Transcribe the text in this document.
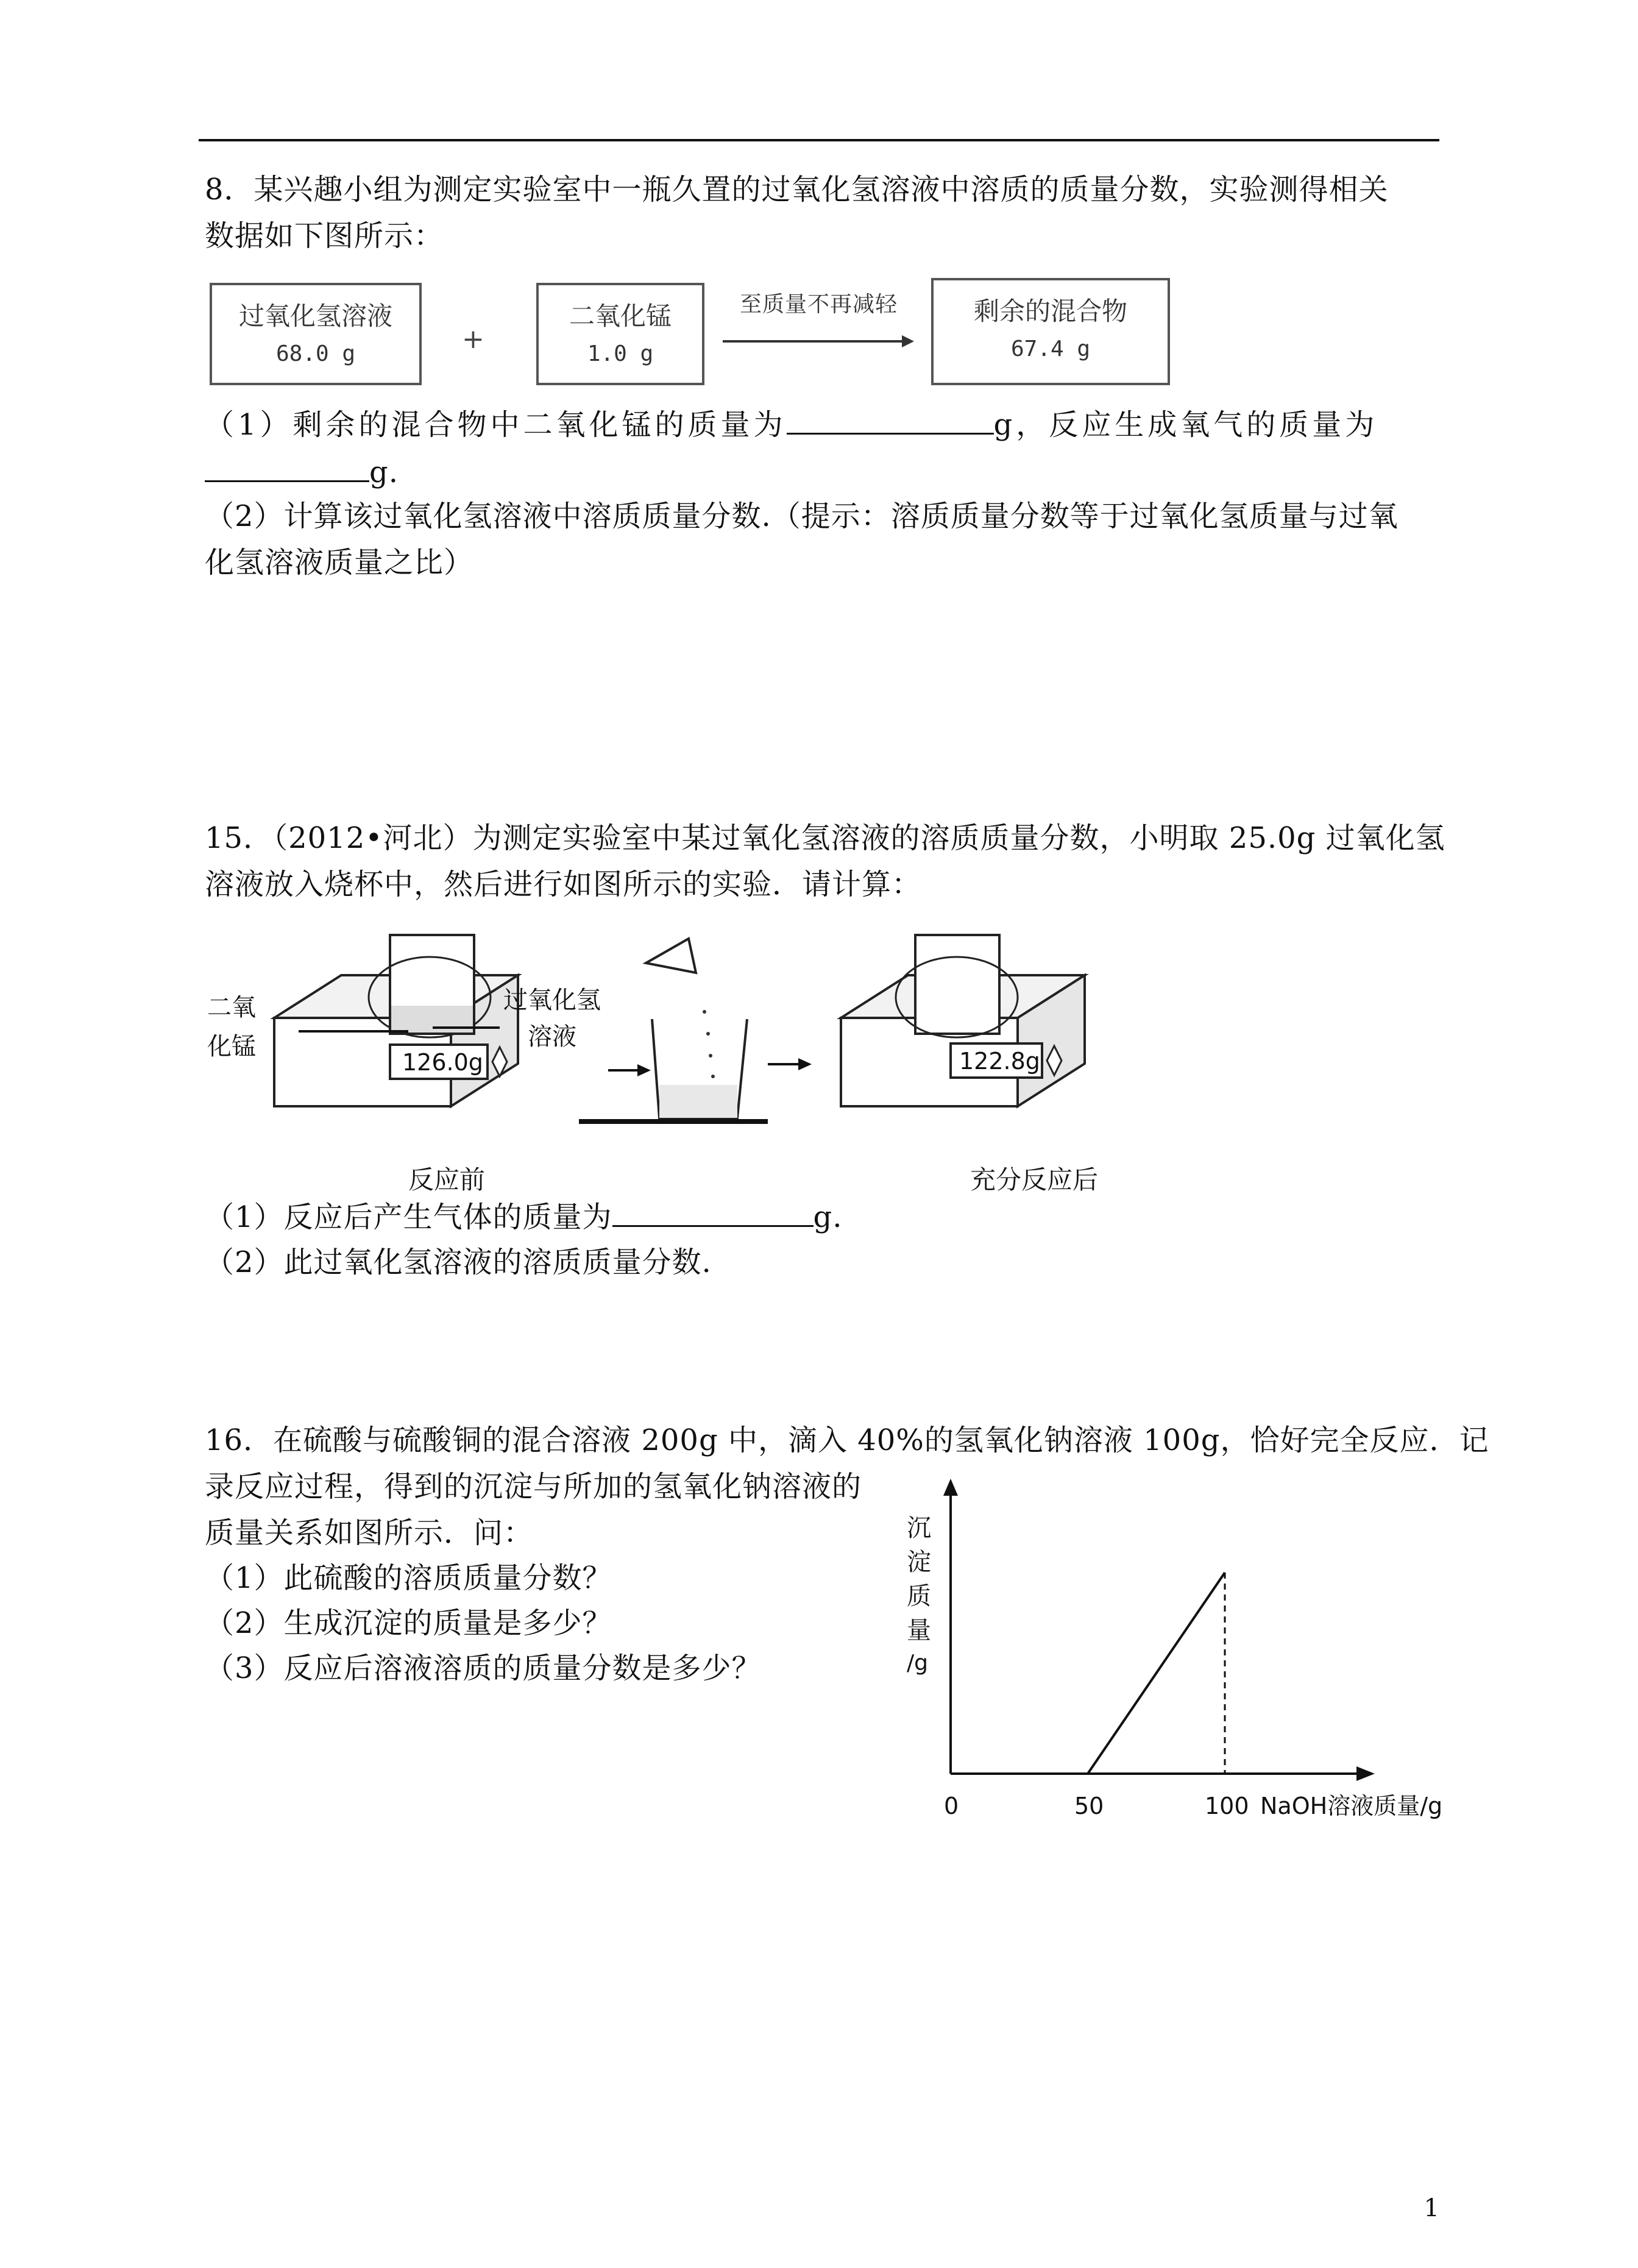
8．某兴趣小组为测定实验室中一瓶久置的过氧化氢溶液中溶质的质量分数，实验测得相关
数据如下图所示：
过氧化氢溶液
68.0 g	+
二氧化锰
1.0 g
至质量不再减轻	剩余的混合物
67.4 g
（1）剩余的混合物中二氧化锰的质量为	g，反应生成氧气的质量为
g.
（2）计算该过氧化氢溶液中溶质质量分数.（提示：溶质质量分数等于过氧化氢质量与过氧
化氢溶液质量之比）
15．（2012•河北）为测定实验室中某过氧化氢溶液的溶质质量分数，小明取 25.0g 过氧化氢
溶液放入烧杯中，然后进行如图所示的实验．请计算：
126.0g
二氧
化锰
过氧化氢
溶液
反应前
122.8g
充分反应后
（1）反应后产生气体的质量为	g.
（2）此过氧化氢溶液的溶质质量分数.
16．在硫酸与硫酸铜的混合溶液 200g 中，滴入 40%的氢氧化钠溶液 100g，恰好完全反应．记
录反应过程，得到的沉淀与所加的氢氧化钠溶液的
质量关系如图所示．问：
（1）此硫酸的溶质质量分数？
（2）生成沉淀的质量是多少？
（3）反应后溶液溶质的质量分数是多少？
沉
淀
质
量
/g
NaOH溶液质量/g
0	50	100
1
